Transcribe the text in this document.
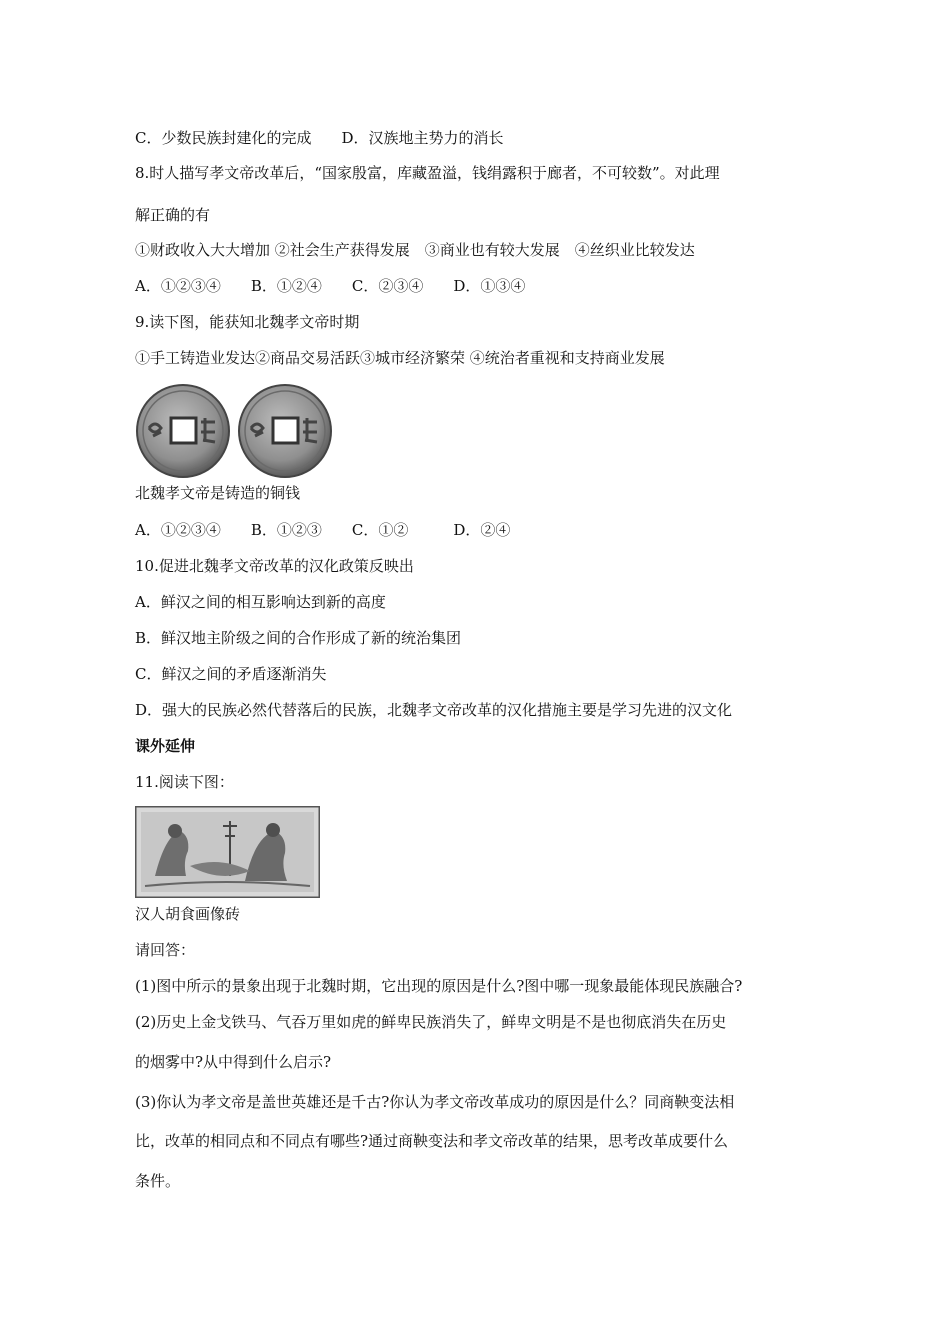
C．少数民族封建化的完成　　D．汉族地主势力的消长
8.时人描写孝文帝改革后，“国家殷富，库藏盈溢，钱绢露积于廊者，不可较数”。对此理
解正确的有
①财政收入大大增加 ②社会生产获得发展　③商业也有较大发展　④丝织业比较发达
A．①②③④　　B．①②④　　C．②③④　　D．①③④
9.读下图，能获知北魏孝文帝时期
①手工铸造业发达②商品交易活跃③城市经济繁荣 ④统治者重视和支持商业发展
北魏孝文帝是铸造的铜钱
A．①②③④　　B．①②③　　C．①②　　　D．②④
10.促进北魏孝文帝改革的汉化政策反映出
A．鲜汉之间的相互影响达到新的高度
B．鲜汉地主阶级之间的合作形成了新的统治集团
C．鲜汉之间的矛盾逐渐消失
D．强大的民族必然代替落后的民族，北魏孝文帝改革的汉化措施主要是学习先进的汉文化
课外延伸
11.阅读下图：
汉人胡食画像砖
请回答：
(1)图中所示的景象出现于北魏时期，它出现的原因是什么?图中哪一现象最能体现民族融合?
(2)历史上金戈铁马、气吞万里如虎的鲜卑民族消失了，鲜卑文明是不是也彻底消失在历史
的烟雾中?从中得到什么启示?
(3)你认为孝文帝是盖世英雄还是千古?你认为孝文帝改革成功的原因是什么？同商鞅变法相
比，改革的相同点和不同点有哪些?通过商鞅变法和孝文帝改革的结果，思考改革成要什么
条件。
